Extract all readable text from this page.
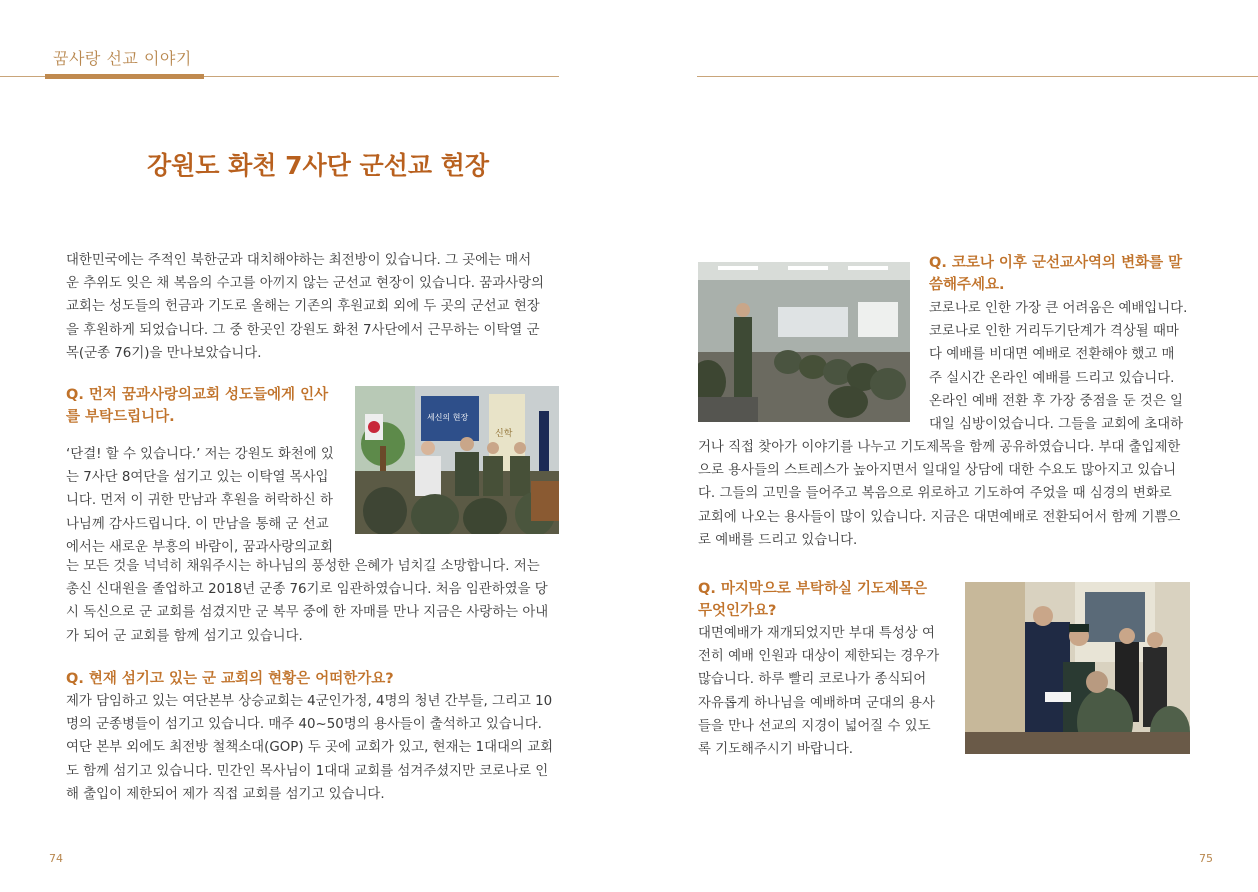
꿈사랑 선교 이야기
강원도 화천 7사단 군선교 현장

대한민국에는 주적인 북한군과 대치해야하는 최전방이 있습니다. 그 곳에는 매서

운 추위도 잊은 채 복음의 수고를 아끼지 않는 군선교 현장이 있습니다. 꿈과사랑의

교회는 성도들의 헌금과 기도로 올해는 기존의 후원교회 외에 두 곳의 군선교 현장

을 후원하게 되었습니다. 그 중 한곳인 강원도 화천 7사단에서 근무하는 이탁열 군

목(군종 76기)을 만나보았습니다.

Q. 먼저 꿈과사랑의교회 성도들에게 인사

를 부탁드립니다.

‘단결! 할 수 있습니다.’ 저는 강원도 화천에 있

는 7사단 8여단을 섬기고 있는 이탁열 목사입

니다. 먼저 이 귀한 만남과 후원을 허락하신 하

나님께 감사드립니다. 이 만남을 통해 군 선교

에서는 새로운 부흥의 바람이, 꿈과사랑의교회

는 모든 것을 넉넉히 채워주시는 하나님의 풍성한 은혜가 넘치길 소망합니다. 저는

총신 신대원을 졸업하고 2018년 군종 76기로 임관하였습니다. 처음 임관하였을 당

시 독신으로 군 교회를 섬겼지만 군 복무 중에 한 자매를 만나 지금은 사랑하는 아내

가 되어 군 교회를 함께 섬기고 있습니다.

세신의 현장
신학

Q. 현재 섬기고 있는 군 교회의 현황은 어떠한가요?

제가 담임하고 있는 여단본부 상승교회는 4군인가정, 4명의 청년 간부들, 그리고 10

명의 군종병들이 섬기고 있습니다. 매주 40~50명의 용사들이 출석하고 있습니다.

여단 본부 외에도 최전방 철책소대(GOP) 두 곳에 교회가 있고, 현재는 1대대의 교회

도 함께 섬기고 있습니다. 민간인 목사님이 1대대 교회를 섬겨주셨지만 코로나로 인

해 출입이 제한되어 제가 직접 교회를 섬기고 있습니다.

Q. 코로나 이후 군선교사역의 변화를 말

씀해주세요.

코로나로 인한 가장 큰 어려움은 예배입니다.

코로나로 인한 거리두기단계가 격상될 때마

다 예배를 비대면 예배로 전환해야 했고 매

주 실시간 온라인 예배를 드리고 있습니다.

온라인 예배 전환 후 가장 중점을 둔 것은 일

대일 심방이었습니다. 그들을 교회에 초대하

거나 직접 찾아가 이야기를 나누고 기도제목을 함께 공유하였습니다. 부대 출입제한

으로 용사들의 스트레스가 높아지면서 일대일 상담에 대한 수요도 많아지고 있습니

다. 그들의 고민을 들어주고 복음으로 위로하고 기도하여 주었을 때 심경의 변화로

교회에 나오는 용사들이 많이 있습니다. 지금은 대면예배로 전환되어서 함께 기쁨으

로 예배를 드리고 있습니다.

Q. 마지막으로 부탁하실 기도제목은

무엇인가요?

대면예배가 재개되었지만 부대 특성상 여

전히 예배 인원과 대상이 제한되는 경우가

많습니다. 하루 빨리 코로나가 종식되어

자유롭게 하나님을 예배하며 군대의 용사

들을 만나 선교의 지경이 넓어질 수 있도

록 기도해주시기 바랍니다.

74	75
